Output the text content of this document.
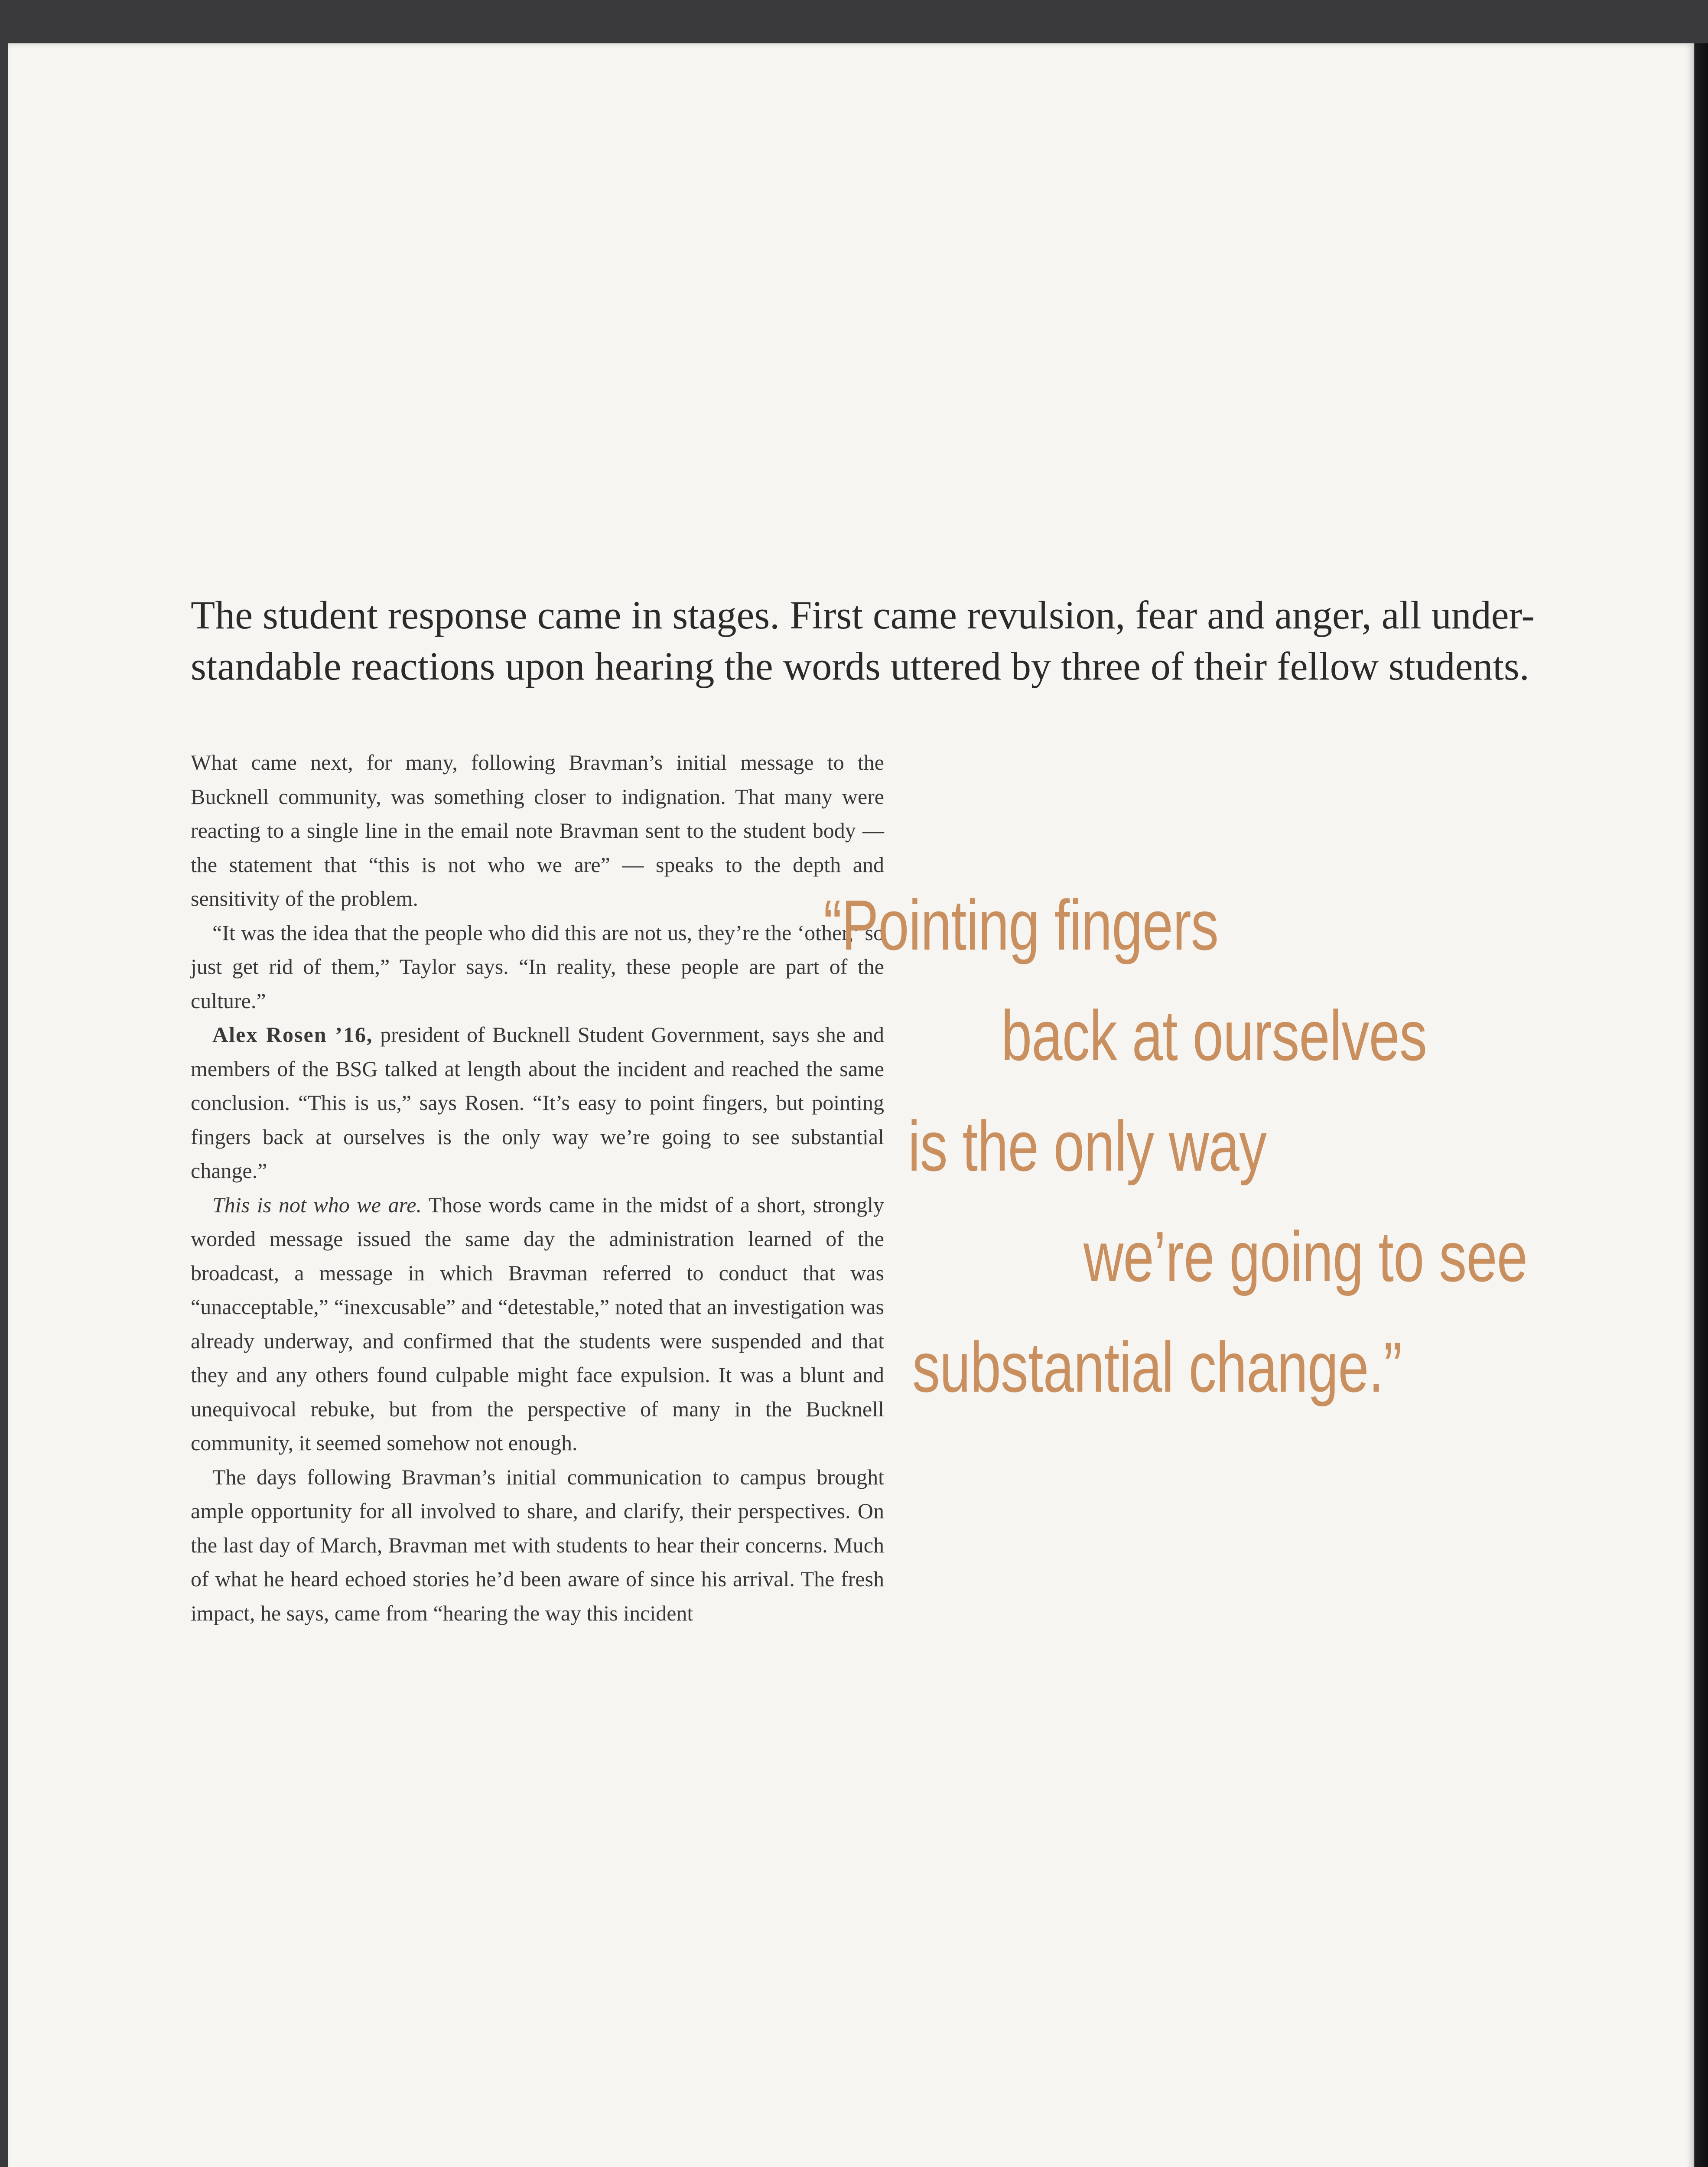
The student response came in stages. First came revulsion, fear and anger, all under-
standable reactions upon hearing the words uttered by three of their fellow students.

What came next, for many, following Bravman’s initial message to the Bucknell community, was something closer to indignation. That many were reacting to a single line in the email note Bravman sent to the student body — the statement that “this is not who we are” — speaks to the depth and sensitivity of the problem.

“It was the idea that the people who did this are not us, they’re the ‘other,’ so just get rid of them,” Taylor says. “In reality, these people are part of the culture.”

Alex Rosen ’16, president of Bucknell Student Government, says she and members of the BSG talked at length about the incident and reached the same conclusion. “This is us,” says Rosen. “It’s easy to point fingers, but pointing fingers back at ourselves is the only way we’re going to see substantial change.”

This is not who we are. Those words came in the midst of a short, strongly worded message issued the same day the administration learned of the broadcast, a message in which Bravman referred to conduct that was “unacceptable,” “inexcusable” and “detestable,” noted that an investigation was already underway, and confirmed that the students were suspended and that they and any others found culpable might face expulsion. It was a blunt and unequivocal rebuke, but from the perspective of many in the Bucknell community, it seemed somehow not enough.

The days following Bravman’s initial communication to campus brought ample opportunity for all involved to share, and clarify, their perspectives. On the last day of March, Bravman met with students to hear their concerns. Much of what he heard echoed stories he’d been aware of since his arrival. The fresh impact, he says, came from “hearing the way this incident

“Pointing fingers
back at ourselves
is the only way
we’re going to see
substantial change.”
